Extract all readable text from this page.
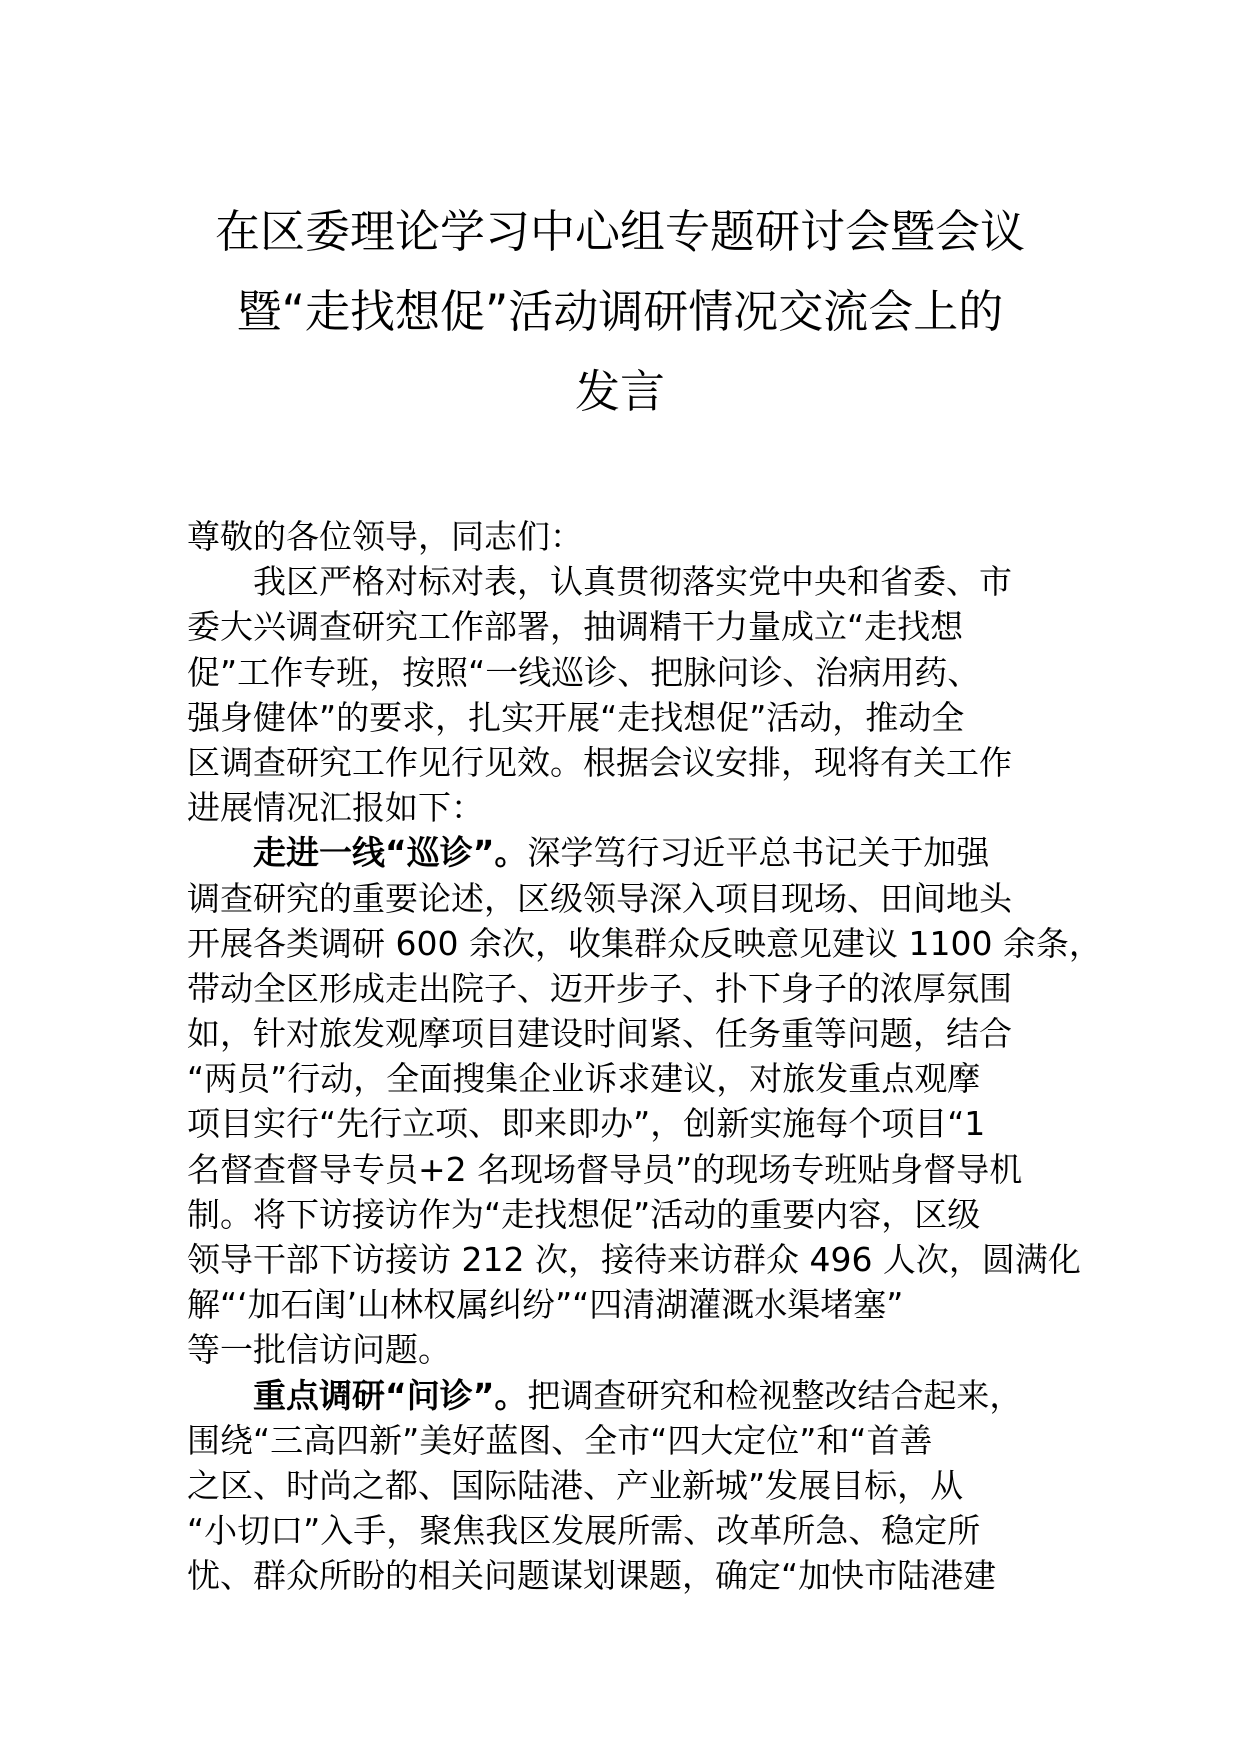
在区委理论学习中心组专题研讨会暨会议
暨“走找想促”活动调研情况交流会上的
发言
尊敬的各位领导，同志们：
我区严格对标对表，认真贯彻落实党中央和省委、市
委大兴调查研究工作部署，抽调精干力量成立“走找想
促”工作专班，按照“一线巡诊、把脉问诊、治病用药、
强身健体”的要求，扎实开展“走找想促”活动，推动全
区调查研究工作见行见效。根据会议安排，现将有关工作
进展情况汇报如下：
走进一线“巡诊”。深学笃行习近平总书记关于加强
调查研究的重要论述，区级领导深入项目现场、田间地头
开展各类调研 600 余次，收集群众反映意见建议 1100 余条，
带动全区形成走出院子、迈开步子、扑下身子的浓厚氛围
如，针对旅发观摩项目建设时间紧、任务重等问题，结合
“两员”行动，全面搜集企业诉求建议，对旅发重点观摩
项目实行“先行立项、即来即办”，创新实施每个项目“1
名督查督导专员+2 名现场督导员”的现场专班贴身督导机
制。将下访接访作为“走找想促”活动的重要内容，区级
领导干部下访接访 212 次，接待来访群众 496 人次，圆满化
解“‘加石闺’山林权属纠纷”“四清湖灌溉水渠堵塞”
等一批信访问题。
重点调研“问诊”。把调查研究和检视整改结合起来，
围绕“三高四新”美好蓝图、全市“四大定位”和“首善
之区、时尚之都、国际陆港、产业新城”发展目标，从
“小切口”入手，聚焦我区发展所需、改革所急、稳定所
忧、群众所盼的相关问题谋划课题，确定“加快市陆港建
